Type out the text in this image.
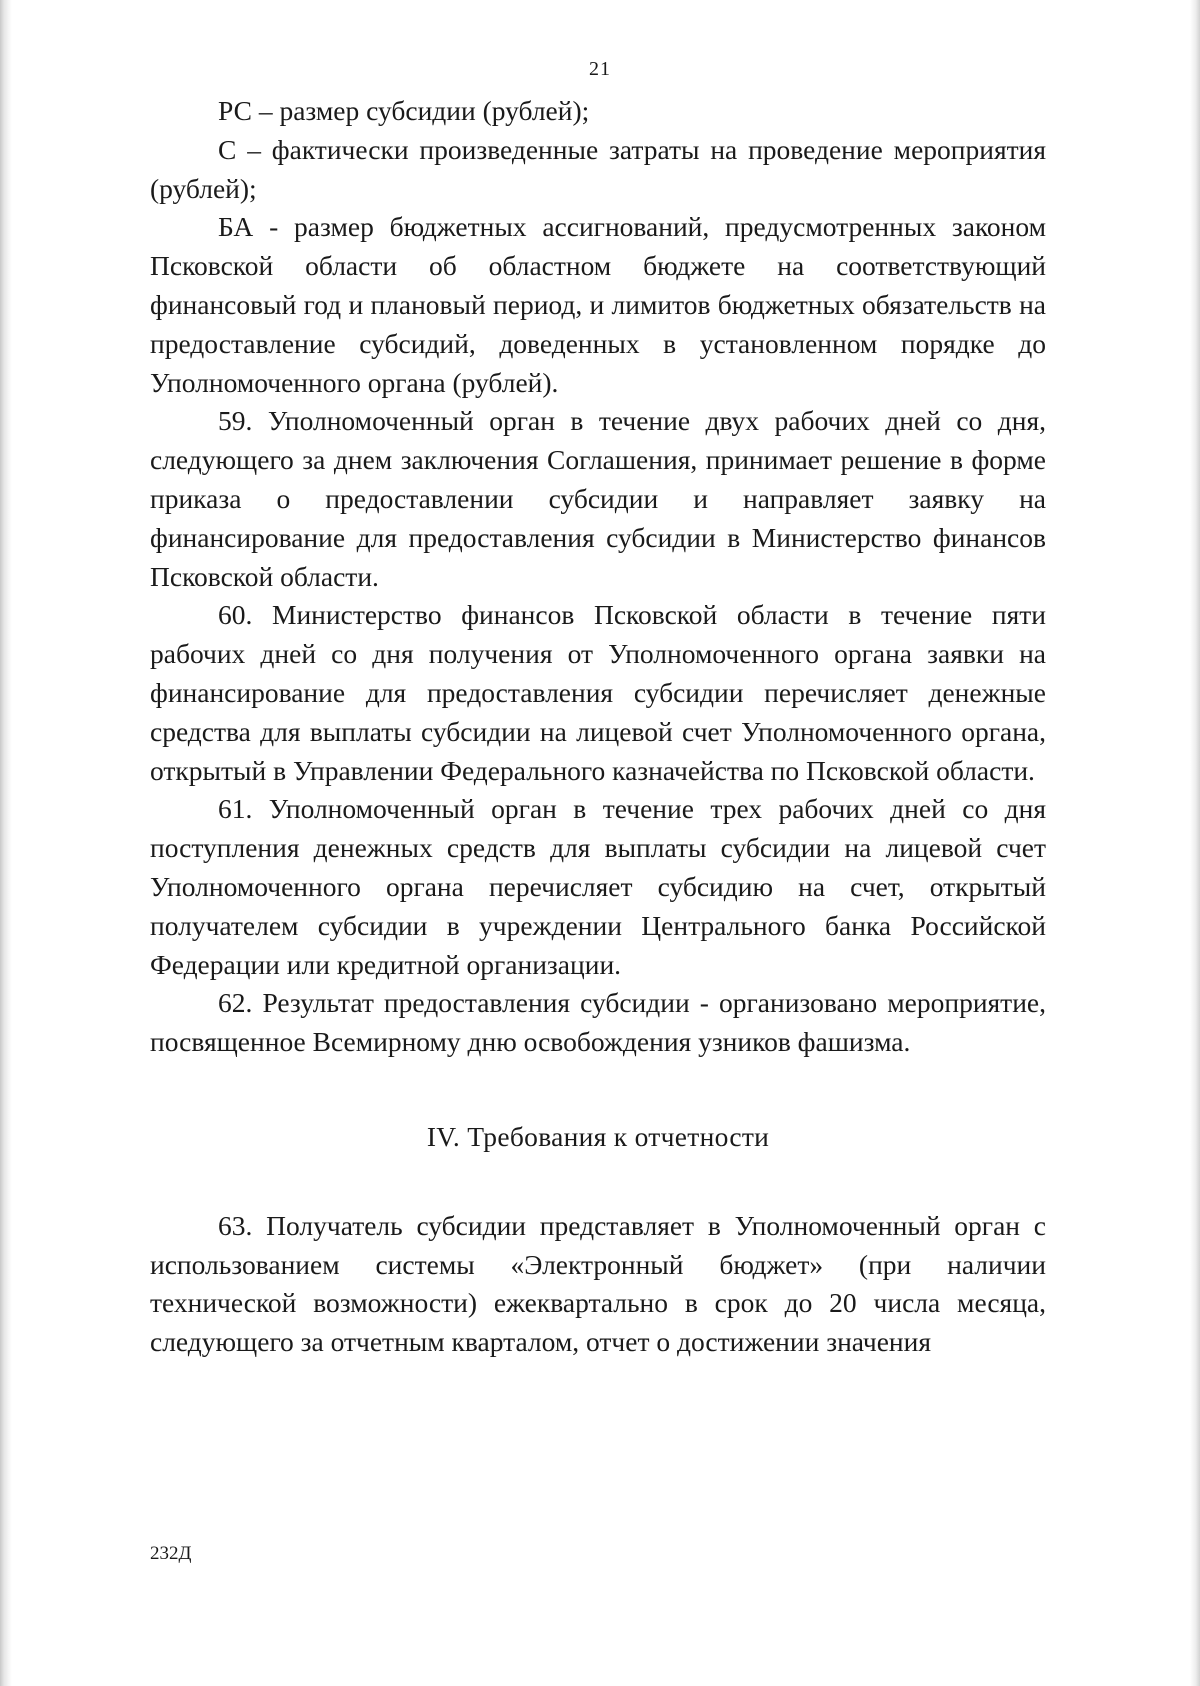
21

РС – размер субсидии (рублей);

С – фактически произведенные затраты на проведение мероприятия (рублей);

БА - размер бюджетных ассигнований, предусмотренных законом Псковской области об областном бюджете на соответствующий финансовый год и плановый период, и лимитов бюджетных обязательств на предоставление субсидий, доведенных в установленном порядке до Уполномоченного органа (рублей).

59. Уполномоченный орган в течение двух рабочих дней со дня, следующего за днем заключения Соглашения, принимает решение в форме приказа о предоставлении субсидии и направляет заявку на финансирование для предоставления субсидии в Министерство финансов Псковской области.

60. Министерство финансов Псковской области в течение пяти рабочих дней со дня получения от Уполномоченного органа заявки на финансирование для предоставления субсидии перечисляет денежные средства для выплаты субсидии на лицевой счет Уполномоченного органа, открытый в Управлении Федерального казначейства по Псковской области.

61. Уполномоченный орган в течение трех рабочих дней со дня поступления денежных средств для выплаты субсидии на лицевой счет Уполномоченного органа перечисляет субсидию на счет, открытый получателем субсидии в учреждении Центрального банка Российской Федерации или кредитной организации.

62. Результат предоставления субсидии - организовано мероприятие, посвященное Всемирному дню освобождения узников фашизма.

IV. Требования к отчетности

63. Получатель субсидии представляет в Уполномоченный орган с использованием системы «Электронный бюджет» (при наличии технической возможности) ежеквартально в срок до 20 числа месяца, следующего за отчетным кварталом, отчет о достижении значения

232Д
